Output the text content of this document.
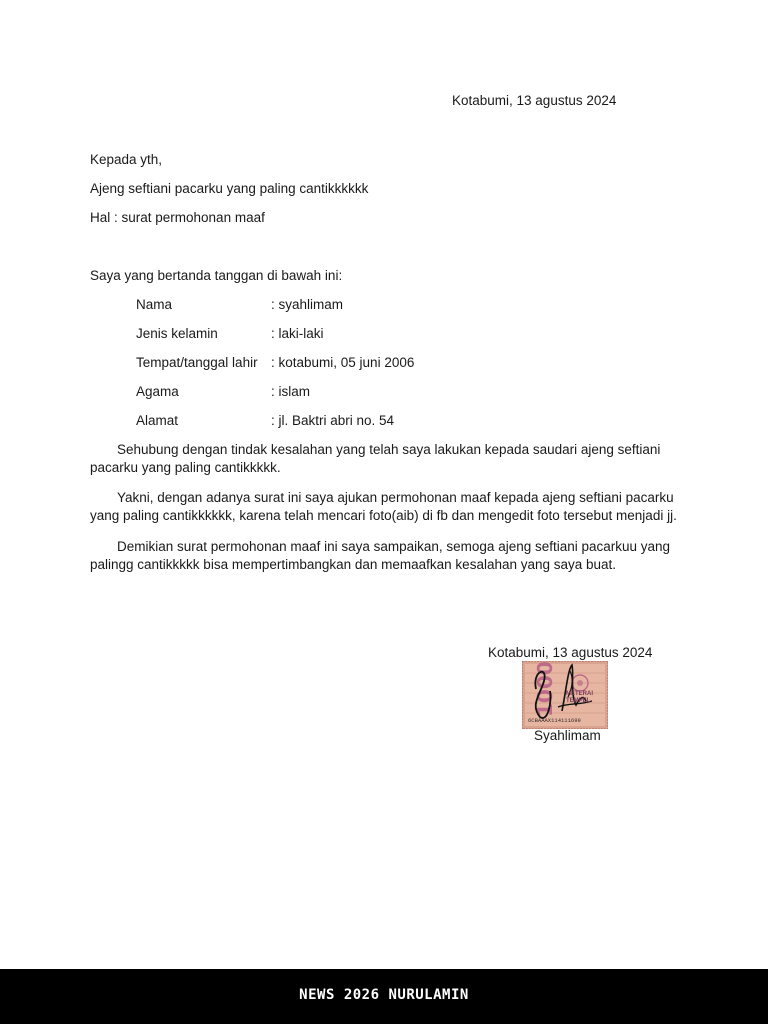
Kotabumi, 13 agustus 2024
Kepada yth,
Ajeng seftiani pacarku yang paling cantikkkkkk
Hal : surat permohonan maaf
Saya yang bertanda tanggan di bawah ini:
Nama	: syahlimam
Jenis kelamin	: laki-laki
Tempat/tanggal lahir : kotabumi, 05 juni 2006
Agama	: islam
Alamat	: jl. Baktri abri no. 54
Sehubung dengan tindak kesalahan yang telah saya lakukan kepada saudari ajeng seftiani pacarku yang paling cantikkkkk.
Yakni, dengan adanya surat ini saya ajukan permohonan maaf kepada ajeng seftiani pacarku yang paling cantikkkkkk, karena telah mencari foto(aib) di fb dan mengedit foto tersebut menjadi jj.
Demikian surat permohonan maaf ini saya sampaikan, semoga ajeng seftiani pacarkuu yang palingg cantikkkkk bisa mempertimbangkan dan memaafkan kesalahan yang saya buat.
Kotabumi, 13 agustus 2024
10000 METERAI
TEMPEL
6CBAAAX114111699
Syahlimam
NEWS 2026 NURULAMIN
